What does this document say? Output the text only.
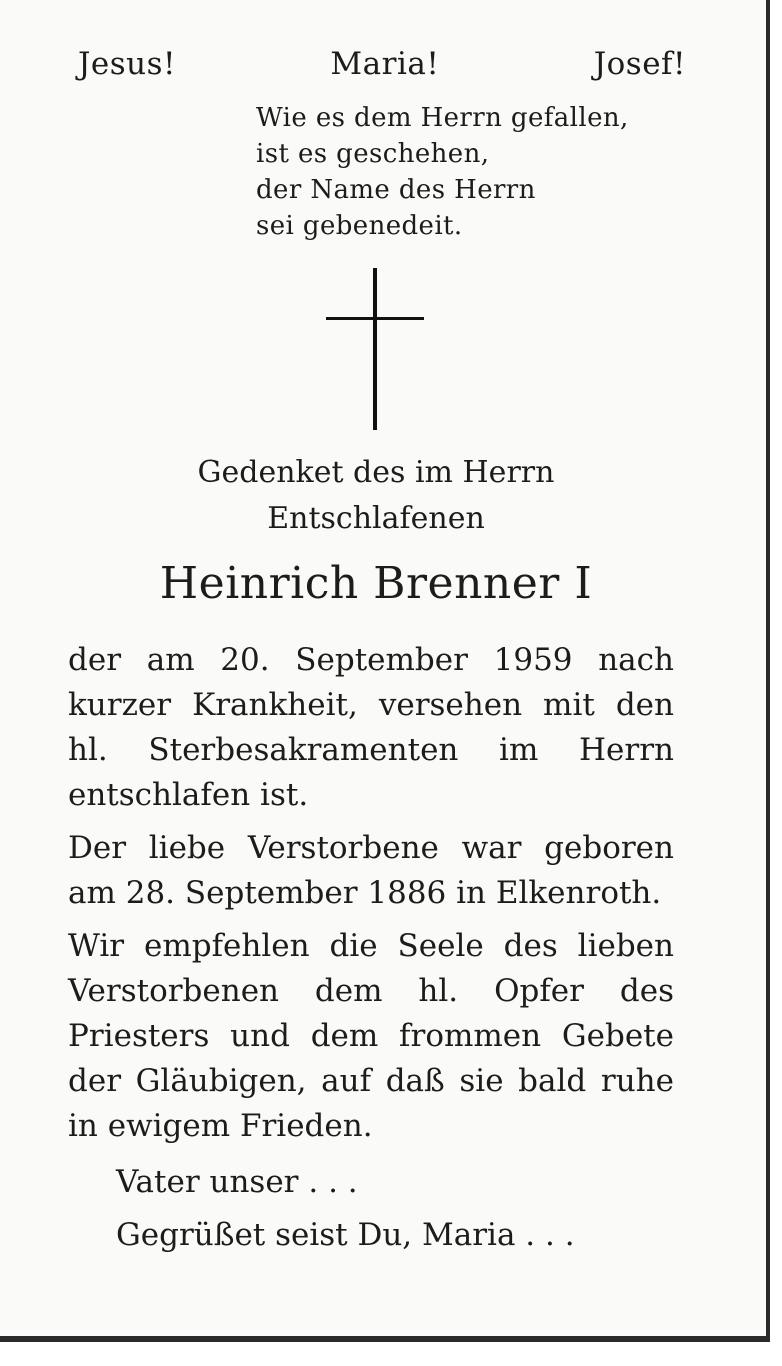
Jesus!	Maria!	Josef!
Wie es dem Herrn gefallen,
ist es geschehen,
der Name des Herrn
sei gebenedeit.
Gedenket des im Herrn
Entschlafenen
Heinrich Brenner I

der am 20. September 1959 nach kurzer Krankheit, versehen mit den hl. Sterbesakramenten im Herrn entschlafen ist.

Der liebe Verstorbene war geboren am 28. September 1886 in Elkenroth.

Wir empfehlen die Seele des lieben Verstorbenen dem hl. Opfer des Priesters und dem frommen Gebete der Gläubigen, auf daß sie bald ruhe in ewigem Frieden.

Vater unser . . .
Gegrüßet seist Du, Maria . . .
